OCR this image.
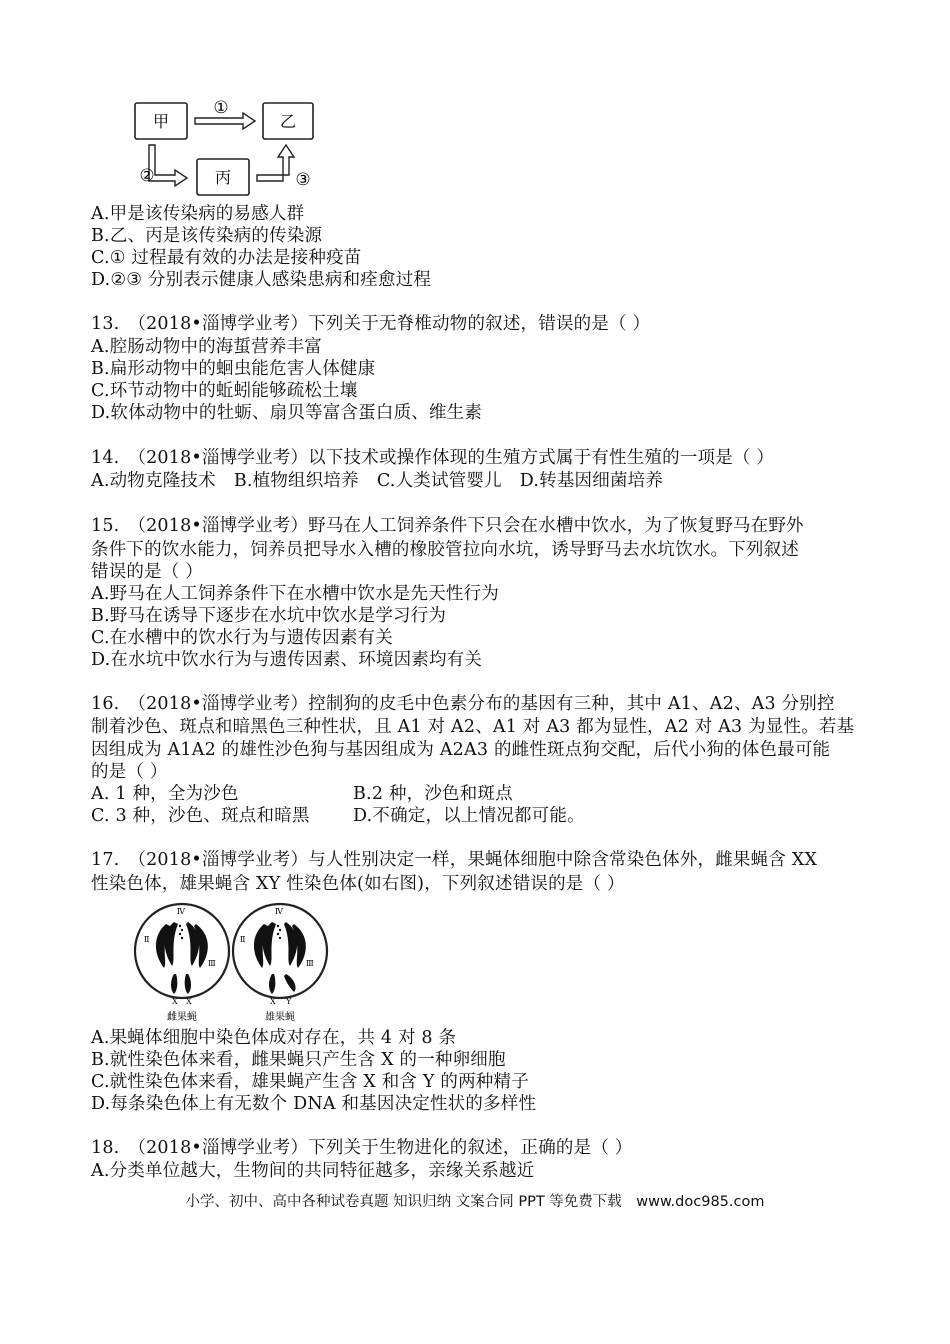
甲	乙
丙
①
②	③
A.甲是该传染病的易感人群
B.乙、丙是该传染病的传染源
C.① 过程最有效的办法是接种疫苗
D.②③ 分别表示健康人感染患病和痊愈过程
13.　（2018•淄博学业考）下列关于无脊椎动物的叙述，错误的是（ ）
A.腔肠动物中的海蜇营养丰富
B.扁形动物中的蛔虫能危害人体健康
C.环节动物中的蚯蚓能够疏松土壤
D.软体动物中的牡蛎、扇贝等富含蛋白质、维生素
14.　（2018•淄博学业考）以下技术或操作体现的生殖方式属于有性生殖的一项是（ ）
A.动物克隆技术 B.植物组织培养 C.人类试管婴儿 D.转基因细菌培养
15.　（2018•淄博学业考）野马在人工饲养条件下只会在水槽中饮水，为了恢复野马在野外
条件下的饮水能力，饲养员把导水入槽的橡胶管拉向水坑，诱导野马去水坑饮水。下列叙述
错误的是（ ）
A.野马在人工饲养条件下在水槽中饮水是先天性行为
B.野马在诱导下逐步在水坑中饮水是学习行为
C.在水槽中的饮水行为与遗传因素有关
D.在水坑中饮水行为与遗传因素、环境因素均有关
16.　（2018•淄博学业考）控制狗的皮毛中色素分布的基因有三种，其中 A1、A2、A3 分别控
制着沙色、斑点和暗黑色三种性状，且 A1 对 A2、A1 对 A3 都为显性，A2 对 A3 为显性。若基
因组成为 A1A2 的雄性沙色狗与基因组成为 A2A3 的雌性斑点狗交配，后代小狗的体色最可能
的是（ ）
A. 1 种，全为沙色	B.2 种，沙色和斑点
C. 3 种，沙色、斑点和暗黑 D.不确定，以上情况都可能。
17.　（2018•淄博学业考）与人性别决定一样，果蝇体细胞中除含常染色体外，雌果蝇含 XX
性染色体，雄果蝇含 XY 性染色体(如右图)，下列叙述错误的是（ ）
Ⅳ
Ⅱ
Ⅲ
X X
雌果蝇
Ⅳ
Ⅱ
Ⅲ
X Y
雄果蝇
A.果蝇体细胞中染色体成对存在，共 4 对 8 条
B.就性染色体来看，雌果蝇只产生含 X 的一种卵细胞
C.就性染色体来看，雄果蝇产生含 X 和含 Y 的两种精子
D.每条染色体上有无数个 DNA 和基因决定性状的多样性
18.　（2018•淄博学业考）下列关于生物进化的叙述，正确的是（ ）
A.分类单位越大，生物间的共同特征越多，亲缘关系越近
小学、初中、高中各种试卷真题 知识归纳 文案合同 PPT 等免费下载　www.doc985.com
